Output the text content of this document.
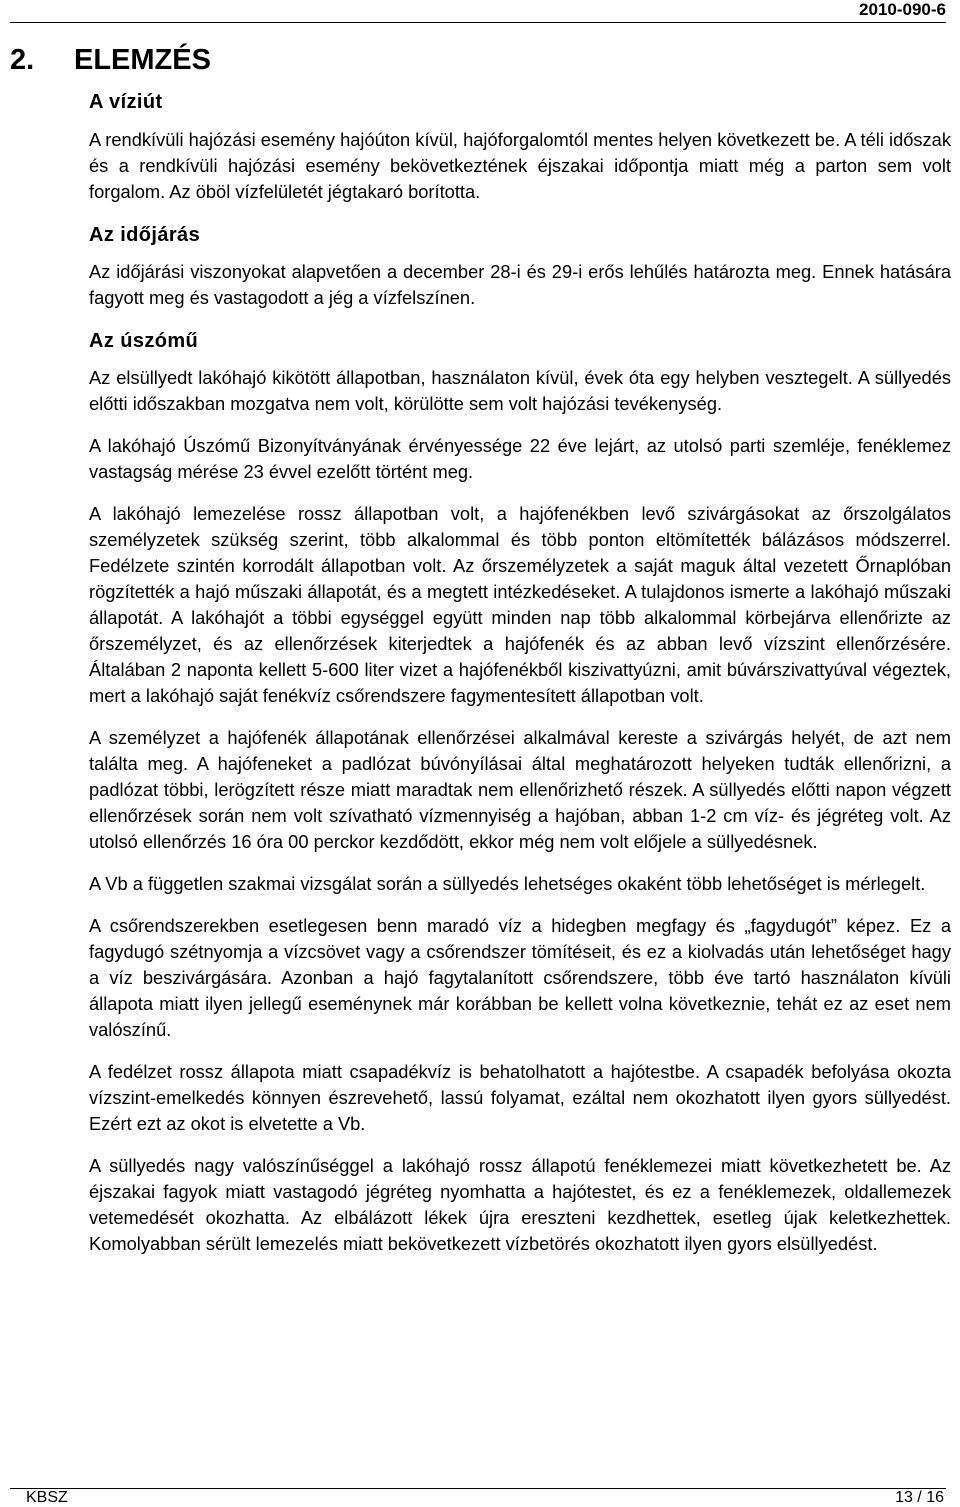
2010-090-6
2.	ELEMZÉS
A víziút

A rendkívüli hajózási esemény hajóúton kívül, hajóforgalomtól mentes helyen következett be. A téli időszak és a rendkívüli hajózási esemény bekövetkeztének éjszakai időpontja miatt még a parton sem volt forgalom. Az öböl vízfelületét jégtakaró borította.

Az időjárás

Az időjárási viszonyokat alapvetően a december 28-i és 29-i erős lehűlés határozta meg. Ennek hatására fagyott meg és vastagodott a jég a vízfelszínen.

Az úszómű

Az elsüllyedt lakóhajó kikötött állapotban, használaton kívül, évek óta egy helyben vesztegelt. A süllyedés előtti időszakban mozgatva nem volt, körülötte sem volt hajózási tevékenység.

A lakóhajó Úszómű Bizonyítványának érvényessége 22 éve lejárt, az utolsó parti szemléje, fenéklemez vastagság mérése 23 évvel ezelőtt történt meg.

A lakóhajó lemezelése rossz állapotban volt, a hajófenékben levő szivárgásokat az őrszolgálatos személyzetek szükség szerint, több alkalommal és több ponton eltömítették bálázásos módszerrel. Fedélzete szintén korrodált állapotban volt. Az őrszemélyzetek a saját maguk által vezetett Őrnaplóban rögzítették a hajó műszaki állapotát, és a megtett intézkedéseket. A tulajdonos ismerte a lakóhajó műszaki állapotát. A lakóhajót a többi egységgel együtt minden nap több alkalommal körbejárva ellenőrizte az őrszemélyzet, és az ellenőrzések kiterjedtek a hajófenék és az abban levő vízszint ellenőrzésére. Általában 2 naponta kellett 5-600 liter vizet a hajófenékből kiszivattyúzni, amit búvárszivattyúval végeztek, mert a lakóhajó saját fenékvíz csőrendszere fagymentesített állapotban volt.

A személyzet a hajófenék állapotának ellenőrzései alkalmával kereste a szivárgás helyét, de azt nem találta meg. A hajófeneket a padlózat búvónyílásai által meghatározott helyeken tudták ellenőrizni, a padlózat többi, lerögzített része miatt maradtak nem ellenőrizhető részek. A süllyedés előtti napon végzett ellenőrzések során nem volt szívatható vízmennyiség a hajóban, abban 1-2 cm víz- és jégréteg volt. Az utolsó ellenőrzés 16 óra 00 perckor kezdődött, ekkor még nem volt előjele a süllyedésnek.

A Vb a független szakmai vizsgálat során a süllyedés lehetséges okaként több lehetőséget is mérlegelt.

A csőrendszerekben esetlegesen benn maradó víz a hidegben megfagy és „fagydugót” képez. Ez a fagydugó szétnyomja a vízcsövet vagy a csőrendszer tömítéseit, és ez a kiolvadás után lehetőséget hagy a víz beszivárgására. Azonban a hajó fagytalanított csőrendszere, több éve tartó használaton kívüli állapota miatt ilyen jellegű eseménynek már korábban be kellett volna következnie, tehát ez az eset nem valószínű.

A fedélzet rossz állapota miatt csapadékvíz is behatolhatott a hajótestbe. A csapadék befolyása okozta vízszint-emelkedés könnyen észrevehető, lassú folyamat, ezáltal nem okozhatott ilyen gyors süllyedést. Ezért ezt az okot is elvetette a Vb.

A süllyedés nagy valószínűséggel a lakóhajó rossz állapotú fenéklemezei miatt következhetett be. Az éjszakai fagyok miatt vastagodó jégréteg nyomhatta a hajótestet, és ez a fenéklemezek, oldallemezek vetemedését okozhatta. Az elbálázott lékek újra ereszteni kezdhettek, esetleg újak keletkezhettek. Komolyabban sérült lemezelés miatt bekövetkezett vízbetörés okozhatott ilyen gyors elsüllyedést.

KBSZ	13 / 16
